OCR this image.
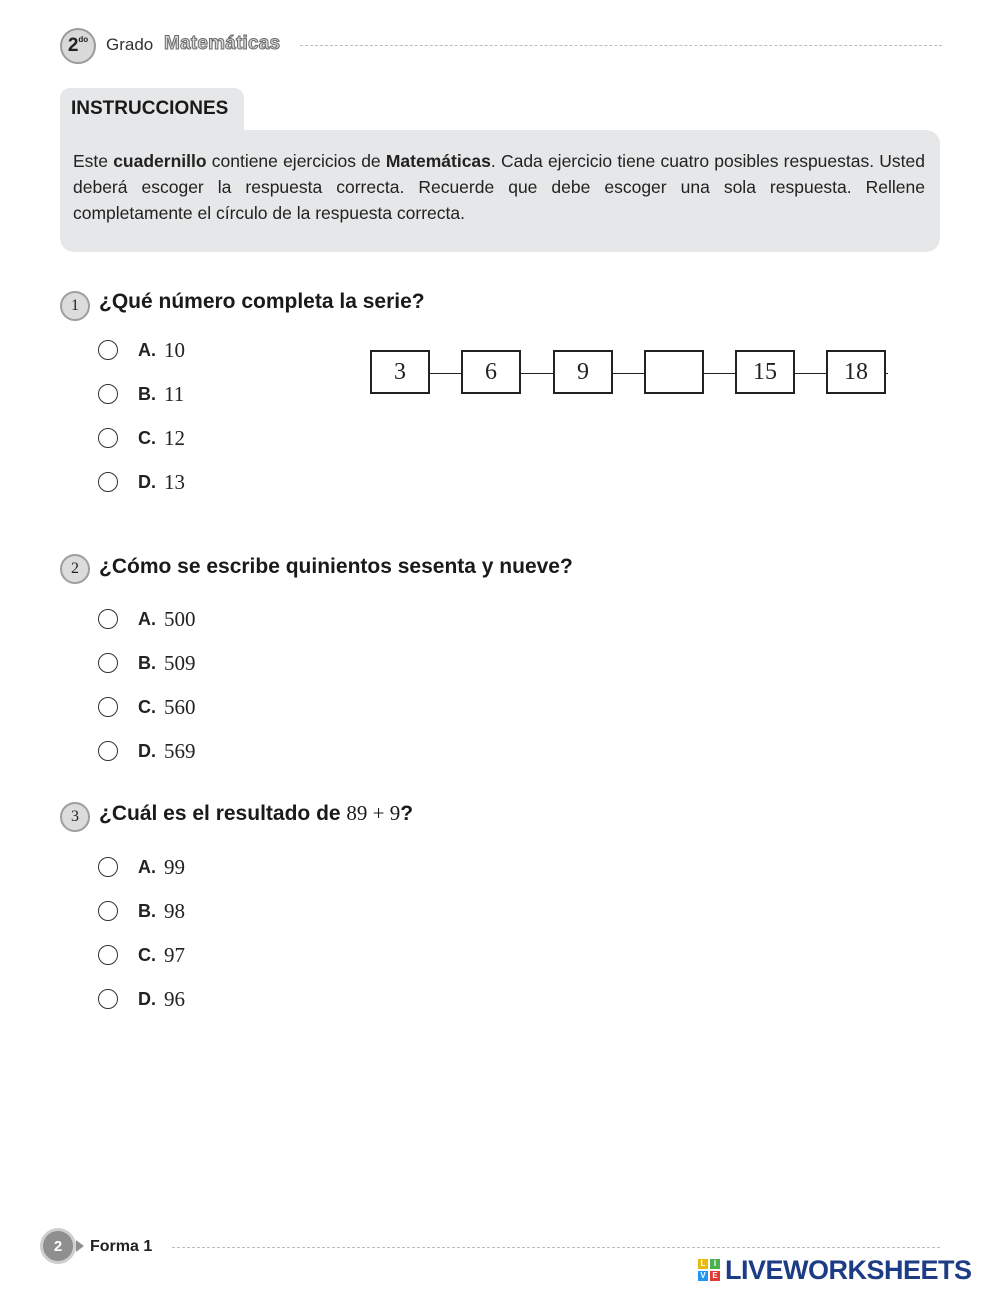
2 do Grado Matemáticas
INSTRUCCIONES
Este cuadernillo contiene ejercicios de Matemáticas. Cada ejercicio tiene cuatro posibles respuestas. Usted deberá escoger la respuesta correcta. Recuerde que debe escoger una sola respuesta. Rellene completamente el círculo de la respuesta correcta.
1 ¿Qué número completa la serie?
A. 10
B. 11
C. 12
D. 13
3	6	9	15	18
2 ¿Cómo se escribe quinientos sesenta y nueve?
A. 500
B. 509
C. 560
D. 569
3 ¿Cuál es el resultado de 89 + 9?
A. 99
B. 98
C. 97
D. 96
2	Forma 1
L	I
V E LIVEWORKSHEETS
